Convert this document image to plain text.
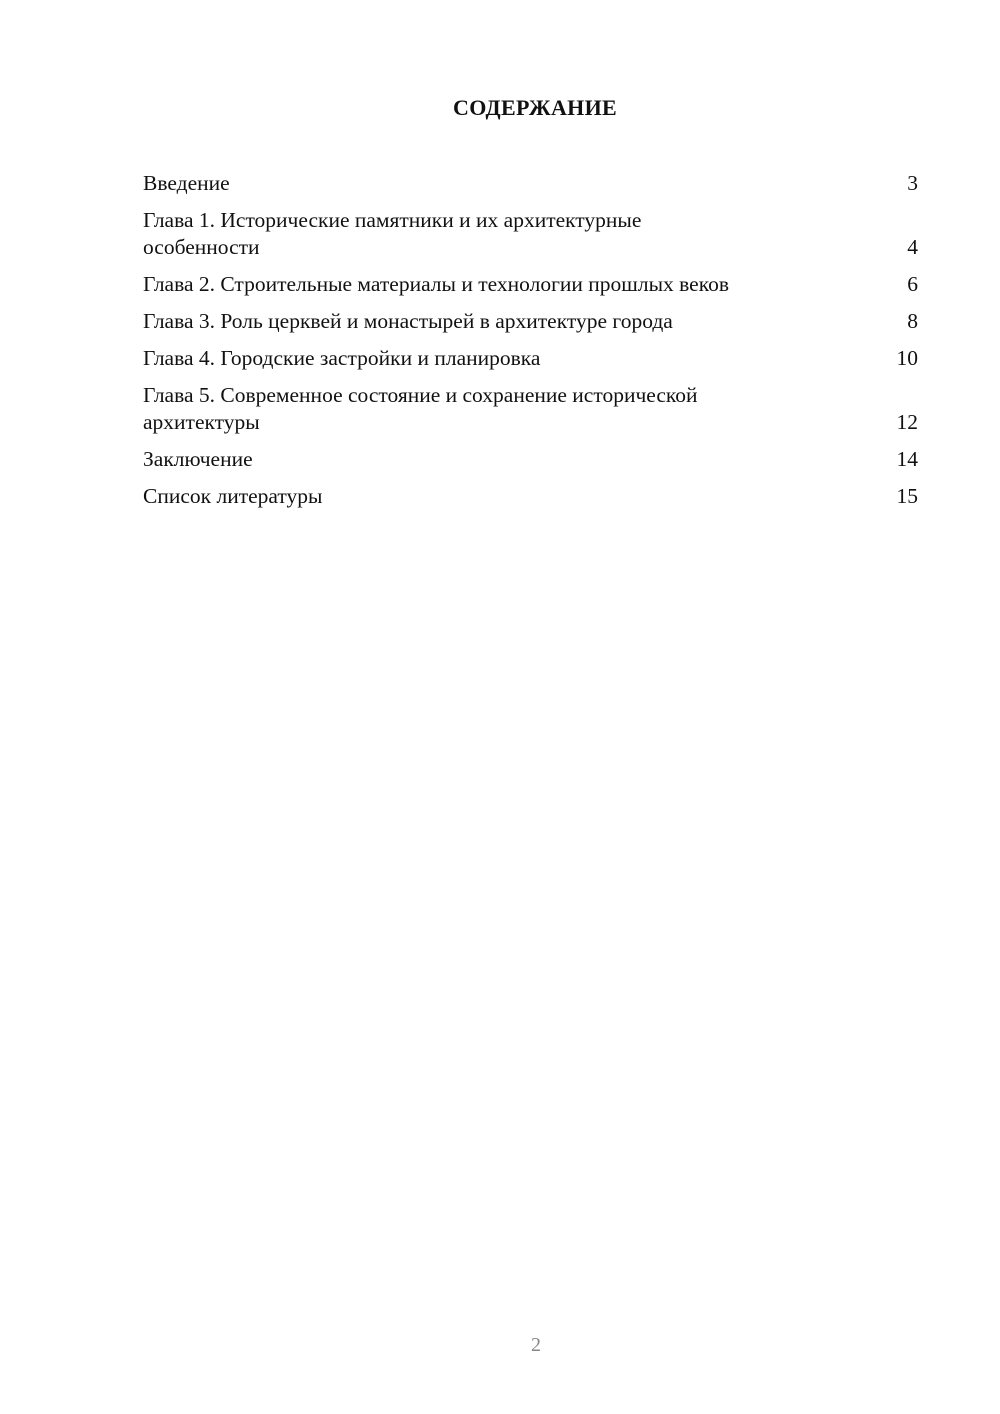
СОДЕРЖАНИЕ
Введение	3
Глава 1. Исторические памятники и их архитектурные особенности	4
Глава 2. Строительные материалы и технологии прошлых веков	6
Глава 3. Роль церквей и монастырей в архитектуре города	8
Глава 4. Городские застройки и планировка	10
Глава 5. Современное состояние и сохранение исторической архитектуры	12
Заключение	14
Список литературы	15
2
